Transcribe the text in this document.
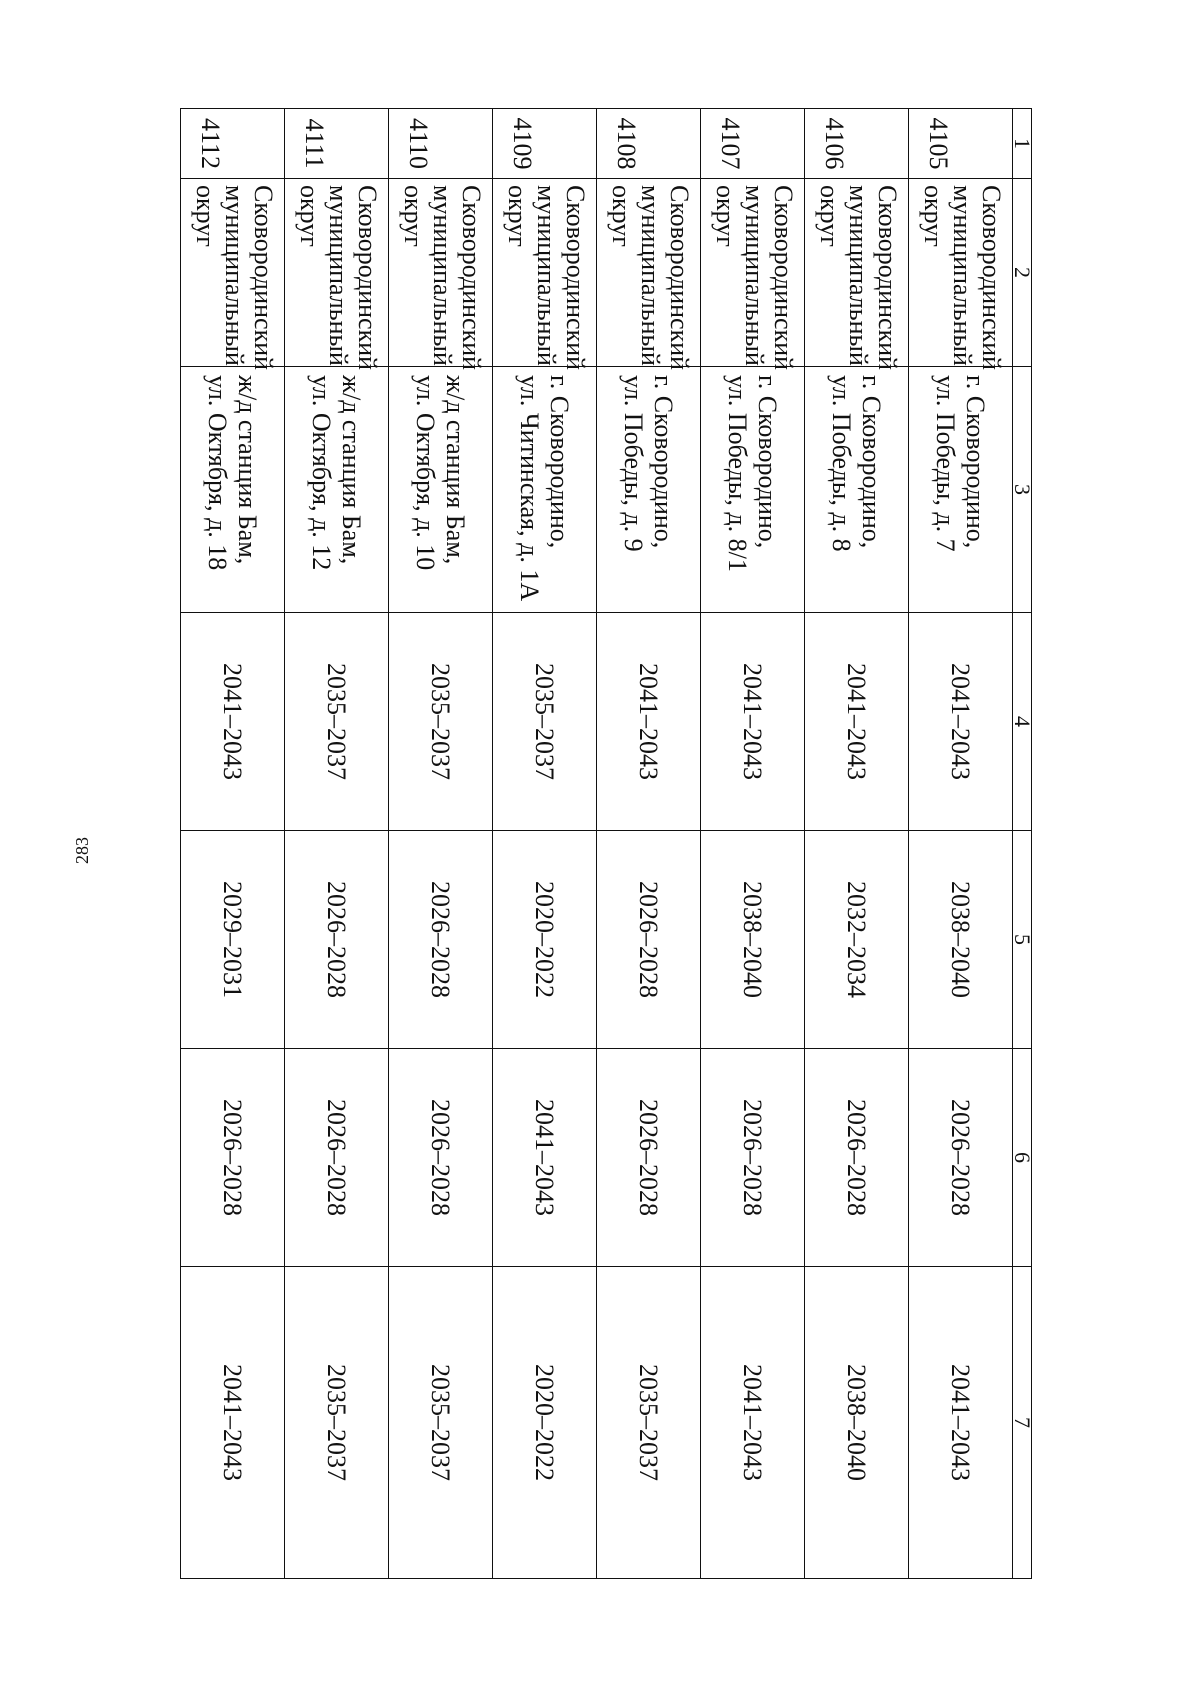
283
1	2	3	4	5	6	7
4105	Сковородинский
муниципальный
округ	г. Сковородино,
ул. Победы, д. 7	2041–2043	2038–2040	2026–2028	2041–2043
4106	Сковородинский
муниципальный
округ	г. Сковородино,
ул. Победы, д. 8	2041–2043	2032–2034	2026–2028	2038–2040
4107	Сковородинский
муниципальный
округ	г. Сковородино,
ул. Победы, д. 8/1	2041–2043	2038–2040	2026–2028	2041–2043
4108	Сковородинский
муниципальный
округ	г. Сковородино,
ул. Победы, д. 9	2041–2043	2026–2028	2026–2028	2035–2037
4109	Сковородинский
муниципальный
округ	г. Сковородино,
ул. Читинская, д. 1А	2035–2037	2020–2022	2041–2043	2020–2022
4110	Сковородинский
муниципальный
округ	ж/д станция Бам,
ул. Октября, д. 10	2035–2037	2026–2028	2026–2028	2035–2037
4111	Сковородинский
муниципальный
округ	ж/д станция Бам,
ул. Октября, д. 12	2035–2037	2026–2028	2026–2028	2035–2037
4112	Сковородинский
муниципальный
округ	ж/д станция Бам,
ул. Октября, д. 18	2041–2043	2029–2031	2026–2028	2041–2043
